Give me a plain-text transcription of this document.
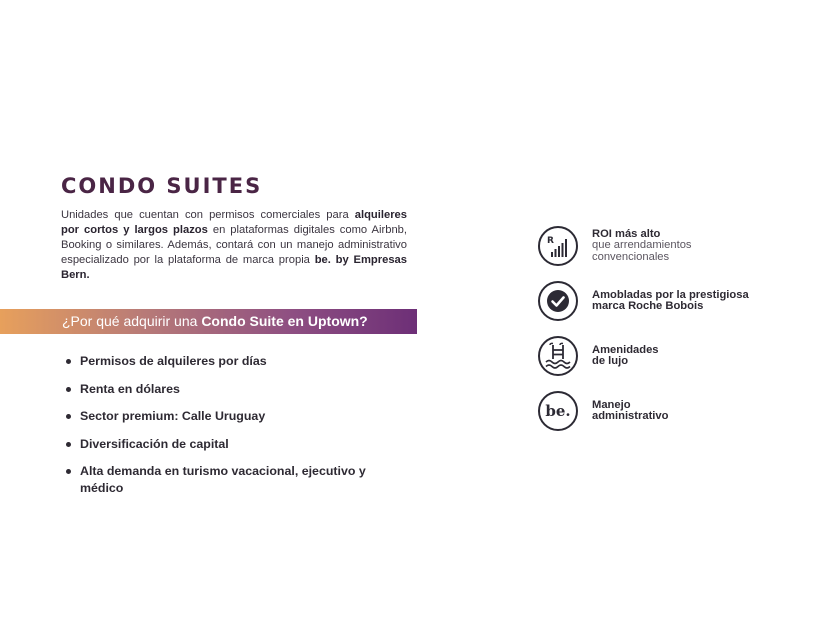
CONDO SUITES
Unidades que cuentan con permisos comerciales para alquileres por cortos y largos plazos en plataformas digitales como Airbnb, Booking o similares. Además, contará con un manejo administrativo especializado por la plataforma de marca propia be. by Empresas Bern.
¿Por qué adquirir una Condo Suite en Uptown?
Permisos de alquileres por días
Renta en dólares
Sector premium: Calle Uruguay
Diversificación de capital
Alta demanda en turismo vacacional, ejecutivo y médico
R
ROI más alto
que arrendamientos
convencionales
Amobladas por la prestigiosa
marca Roche Bobois
Amenidades
de lujo
be. Manejo
administrativo
